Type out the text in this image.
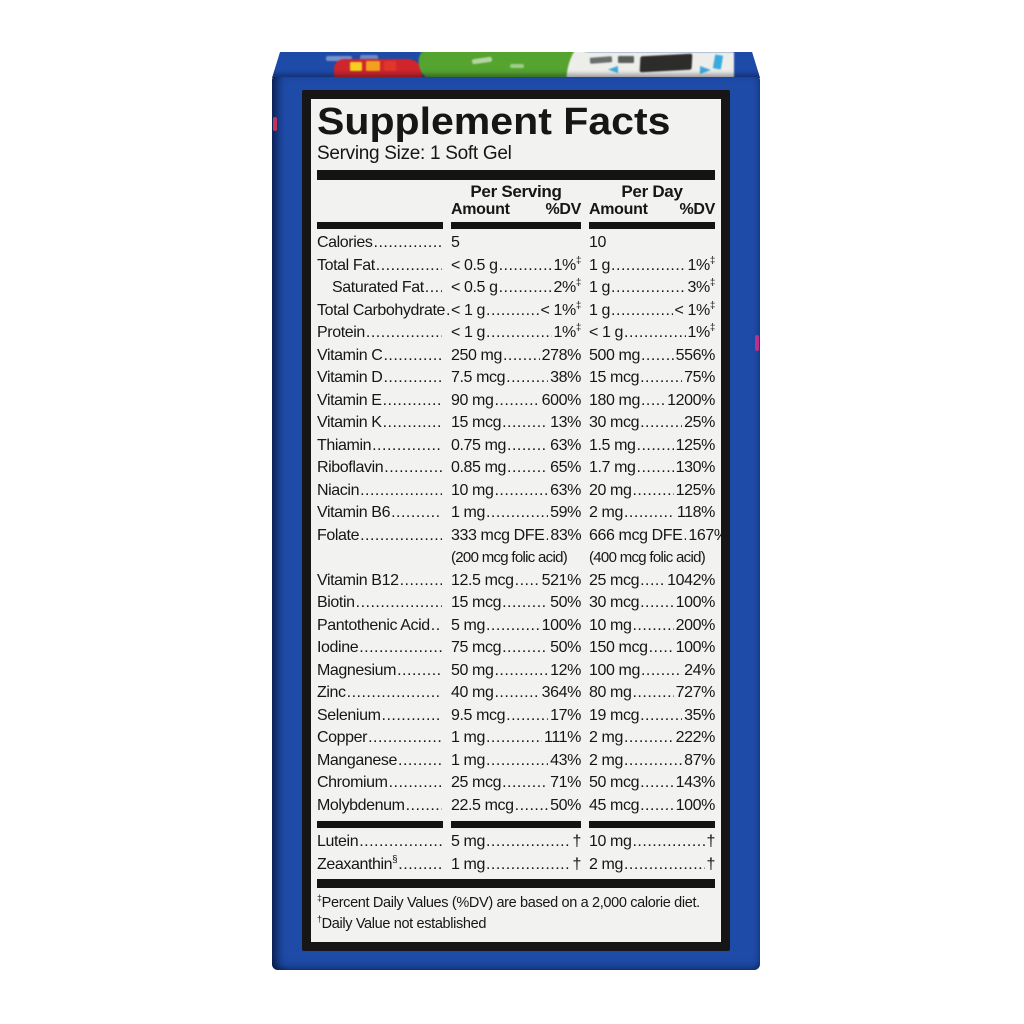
Supplement Facts
Serving Size: 1 Soft Gel
Per Serving
Amount %DV
Per Day
Amount %DV
Calories .....	5	10
Total Fat .....	< 0.5 g .....	1%‡ 1 g .....	1%‡
Saturated Fat ..... < 0.5 g .....	2%‡ 1 g .....	3%‡
Total Carbohydrate ..... < 1 g .....	< 1%‡ 1 g .....	< 1%‡
Protein .....	< 1 g .....	1%‡ < 1 g .....	1%‡
Vitamin C .....	250 mg ..... 278% 500 mg ..... 556%
Vitamin D .....	7.5 mcg .....	38% 15 mcg .....	75%
Vitamin E .....	90 mg .....	600% 180 mg ..... 1200%
Vitamin K .....	15 mcg .....	13% 30 mcg .....	25%
Thiamin .....	0.75 mg .....	63% 1.5 mg .....	125%
Riboflavin .....	0.85 mg .....	65% 1.7 mg .....	130%
Niacin .....	10 mg .....	63% 20 mg .....	125%
Vitamin B6 .....	1 mg .....	59% 2 mg .....	118%
Folate .....	333 mcg DFE ..... 83% 666 mcg DFE ..... 167%
(200 mcg folic acid)	(400 mcg folic acid)
Vitamin B12 .....	12.5 mcg ..... 521% 25 mcg ..... 1042%
Biotin .....	15 mcg .....	50% 30 mcg ..... 100%
Pantothenic Acid ..... 5 mg .....	100% 10 mg .....	200%
Iodine .....	75 mcg .....	50% 150 mcg ..... 100%
Magnesium .....	50 mg .....	12% 100 mg .....	24%
Zinc .....	40 mg .....	364% 80 mg .....	727%
Selenium .....	9.5 mcg .....	17% 19 mcg .....	35%
Copper .....	1 mg .....	111% 2 mg .....	222%
Manganese .....	1 mg .....	43% 2 mg .....	87%
Chromium .....	25 mcg .....	71% 50 mcg ..... 143%
Molybdenum .....	22.5 mcg ..... 50% 45 mcg ..... 100%
Lutein .....	5 mg .....	† 10 mg .....	†
Zeaxanthin§ .....	1 mg .....	† 2 mg .....	†
‡Percent Daily Values (%DV) are based on a 2,000 calorie diet.
†Daily Value not established
